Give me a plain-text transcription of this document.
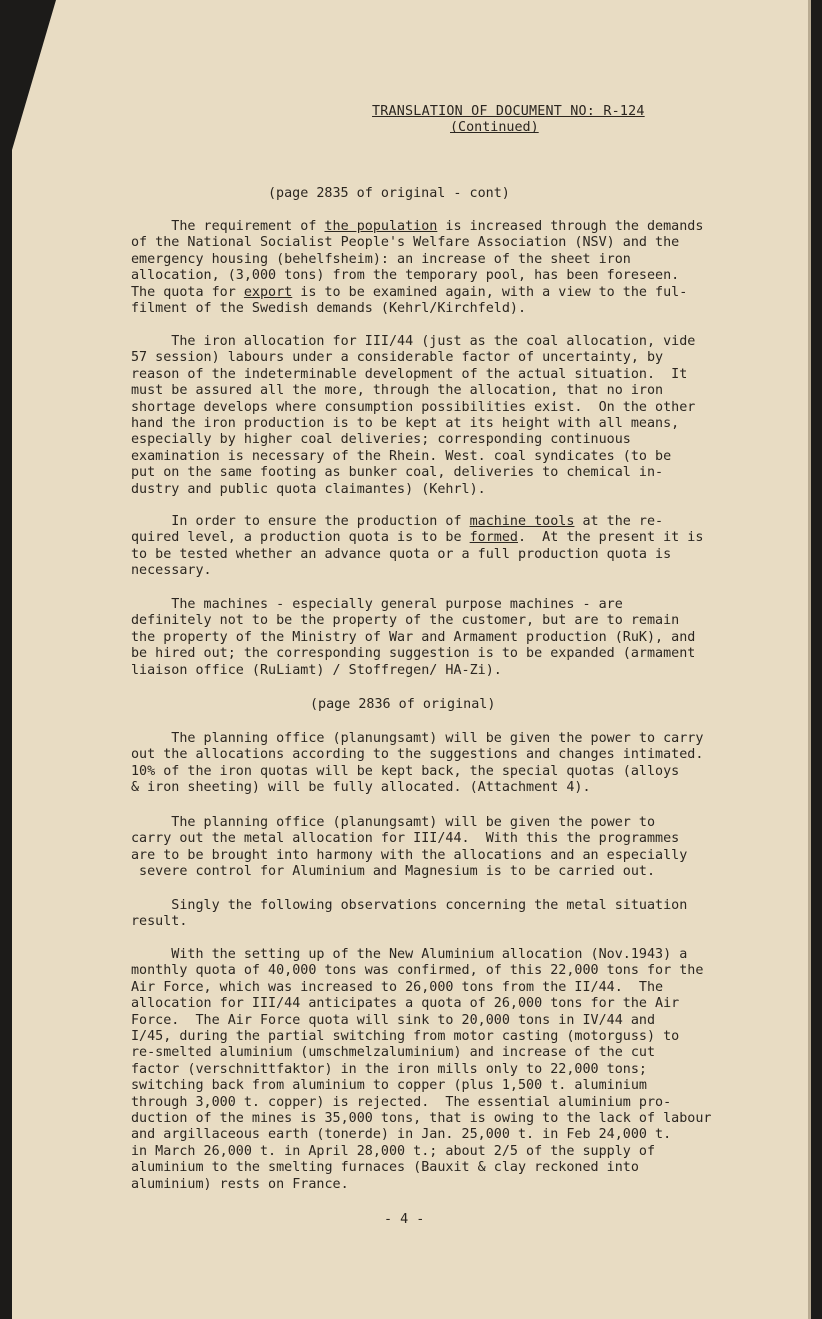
TRANSLATION OF DOCUMENT NO: R-124

(Continued)

(page 2835 of original - cont)

The requirement of the population is increased through the demands
of the National Socialist People's Welfare Association (NSV) and the
emergency housing (behelfsheim): an increase of the sheet iron
allocation, (3,000 tons) from the temporary pool, has been foreseen.
The quota for export is to be examined again, with a view to the ful-
filment of the Swedish demands (Kehrl/Kirchfeld).

The iron allocation for III/44 (just as the coal allocation, vide
57 session) labours under a considerable factor of uncertainty, by
reason of the indeterminable development of the actual situation.  It
must be assured all the more, through the allocation, that no iron
shortage develops where consumption possibilities exist.  On the other
hand the iron production is to be kept at its height with all means,
especially by higher coal deliveries; corresponding continuous
examination is necessary of the Rhein. West. coal syndicates (to be
put on the same footing as bunker coal, deliveries to chemical in-
dustry and public quota claimantes) (Kehrl).

In order to ensure the production of machine tools at the re-
quired level, a production quota is to be formed.  At the present it is
to be tested whether an advance quota or a full production quota is
necessary.

The machines - especially general purpose machines - are
definitely not to be the property of the customer, but are to remain
the property of the Ministry of War and Armament production (RuK), and
be hired out; the corresponding suggestion is to be expanded (armament
liaison office (RuLiamt) / Stoffregen/ HA-Zi).

(page 2836 of original)

The planning office (planungsamt) will be given the power to carry
out the allocations according to the suggestions and changes intimated.
10% of the iron quotas will be kept back, the special quotas (alloys
& iron sheeting) will be fully allocated. (Attachment 4).

The planning office (planungsamt) will be given the power to
carry out the metal allocation for III/44.  With this the programmes
are to be brought into harmony with the allocations and an especially
severe control for Aluminium and Magnesium is to be carried out.

Singly the following observations concerning the metal situation
result.

With the setting up of the New Aluminium allocation (Nov.1943) a
monthly quota of 40,000 tons was confirmed, of this 22,000 tons for the
Air Force, which was increased to 26,000 tons from the II/44.  The
allocation for III/44 anticipates a quota of 26,000 tons for the Air
Force.  The Air Force quota will sink to 20,000 tons in IV/44 and
I/45, during the partial switching from motor casting (motorguss) to
re-smelted aluminium (umschmelzaluminium) and increase of the cut
factor (verschnittfaktor) in the iron mills only to 22,000 tons;
switching back from aluminium to copper (plus 1,500 t. aluminium
through 3,000 t. copper) is rejected.  The essential aluminium pro-
duction of the mines is 35,000 tons, that is owing to the lack of labour
and argillaceous earth (tonerde) in Jan. 25,000 t. in Feb 24,000 t.
in March 26,000 t. in April 28,000 t.; about 2/5 of the supply of
aluminium to the smelting furnaces (Bauxit & clay reckoned into
aluminium) rests on France.

- 4 -
